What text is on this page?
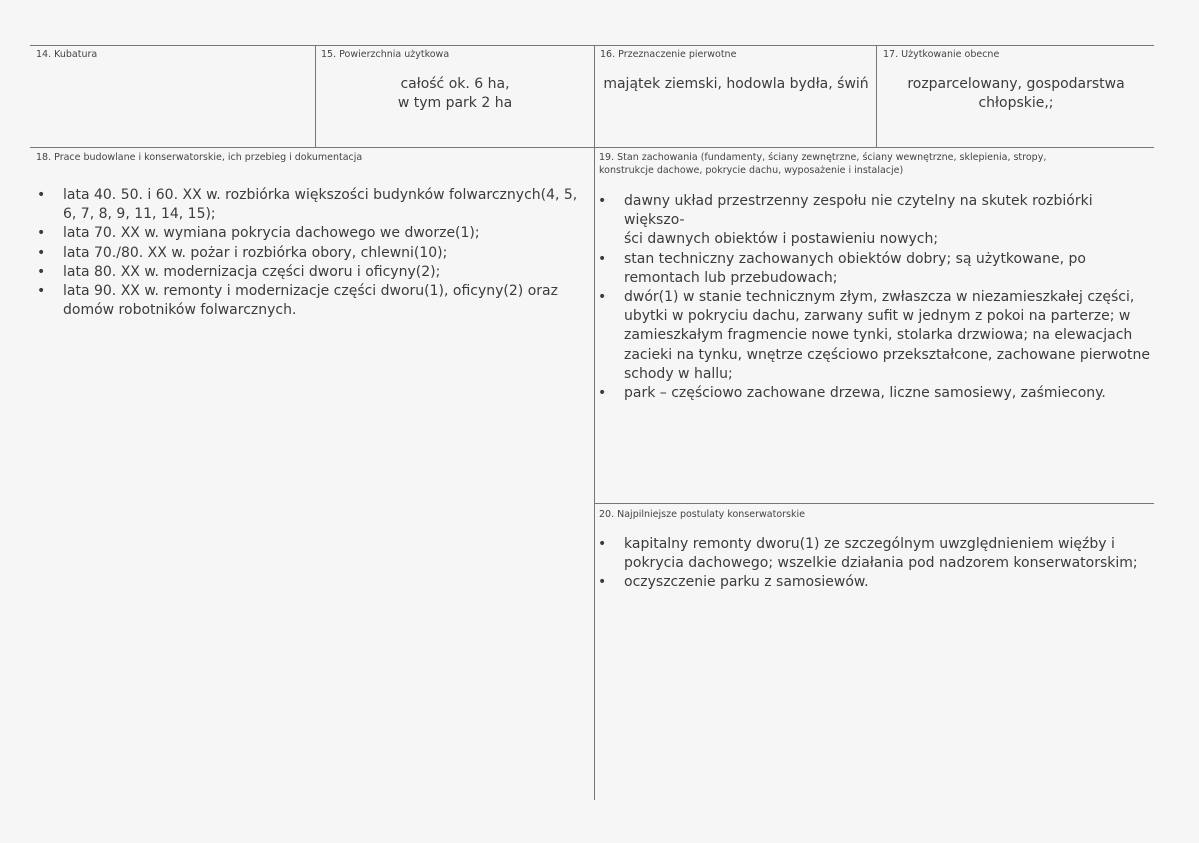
14. Kubatura	15. Powierzchnia użytkowa
całość ok. 6 ha,
w tym park 2 ha
16. Przeznaczenie pierwotne
majątek ziemski, hodowla bydła, świń
17. Użytkowanie obecne
rozparcelowany, gospodarstwa
chłopskie,;
18. Prace budowlane i konserwatorskie, ich przebieg i dokumentacja
• lata 40. 50. i 60. XX w. rozbiórka większości budynków folwarcznych(4, 5,
6, 7, 8, 9, 11, 14, 15);
• lata 70. XX w. wymiana pokrycia dachowego we dworze(1);
• lata 70./80. XX w. pożar i rozbiórka obory, chlewni(10);
• lata 80. XX w. modernizacja części dworu i oficyny(2);
• lata 90. XX w. remonty i modernizacje części dworu(1), oficyny(2) oraz
domów robotników folwarcznych.
19. Stan zachowania (fundamenty, ściany zewnętrzne, ściany wewnętrzne, sklepienia, stropy,
konstrukcje dachowe, pokrycie dachu, wyposażenie i instalacje)
• dawny układ przestrzenny zespołu nie czytelny na skutek rozbiórki większo-
ści dawnych obiektów i postawieniu nowych;
• stan techniczny zachowanych obiektów dobry; są użytkowane, po
remontach lub przebudowach;
• dwór(1) w stanie technicznym złym, zwłaszcza w niezamieszkałej części,
ubytki w pokryciu dachu, zarwany sufit w jednym z pokoi na parterze; w
zamieszkałym fragmencie nowe tynki, stolarka drzwiowa; na elewacjach
zacieki na tynku, wnętrze częściowo przekształcone, zachowane pierwotne
schody w hallu;
• park – częściowo zachowane drzewa, liczne samosiewy, zaśmiecony.
20. Najpilniejsze postulaty konserwatorskie
• kapitalny remonty dworu(1) ze szczególnym uwzględnieniem więźby i
pokrycia dachowego; wszelkie działania pod nadzorem konserwatorskim;
• oczyszczenie parku z samosiewów.
